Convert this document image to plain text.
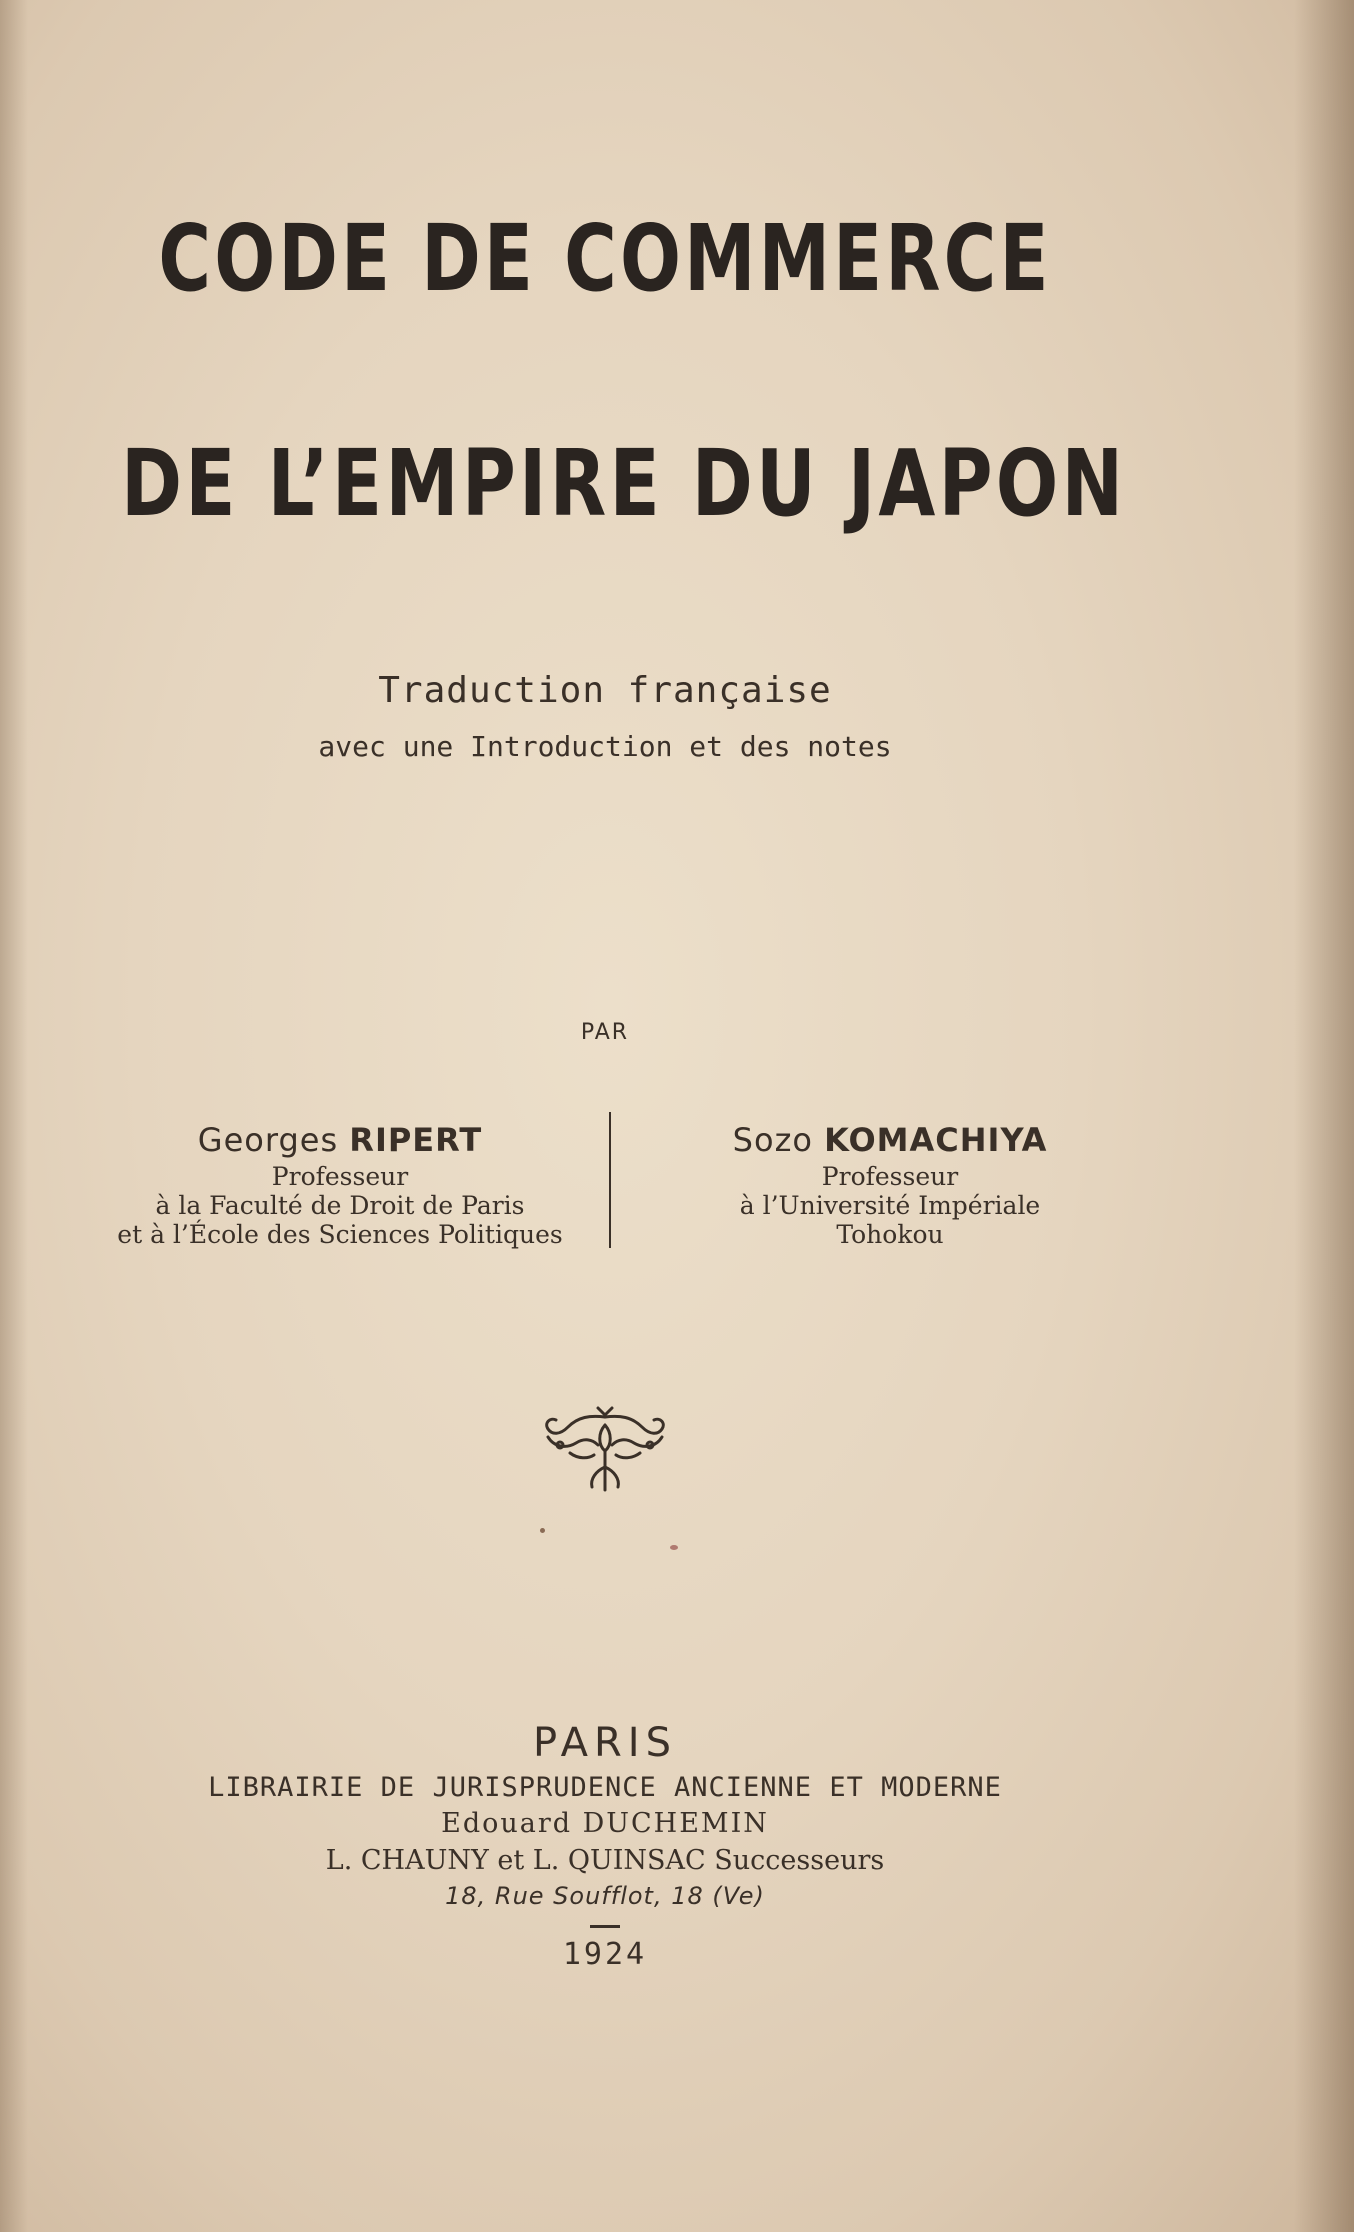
CODE DE COMMERCE
DE L’EMPIRE DU JAPON
Traduction française
avec une Introduction et des notes
PAR
Georges RIPERT
Professeur
à la Faculté de Droit de Paris
et à l’École des Sciences Politiques
Sozo KOMACHIYA
Professeur
à l’Université Impériale
Tohokou
PARIS
LIBRAIRIE DE JURISPRUDENCE ANCIENNE ET MODERNE
Edouard DUCHEMIN
L. CHAUNY et L. QUINSAC Successeurs
18, Rue Soufflot, 18 (Ve)
1924
